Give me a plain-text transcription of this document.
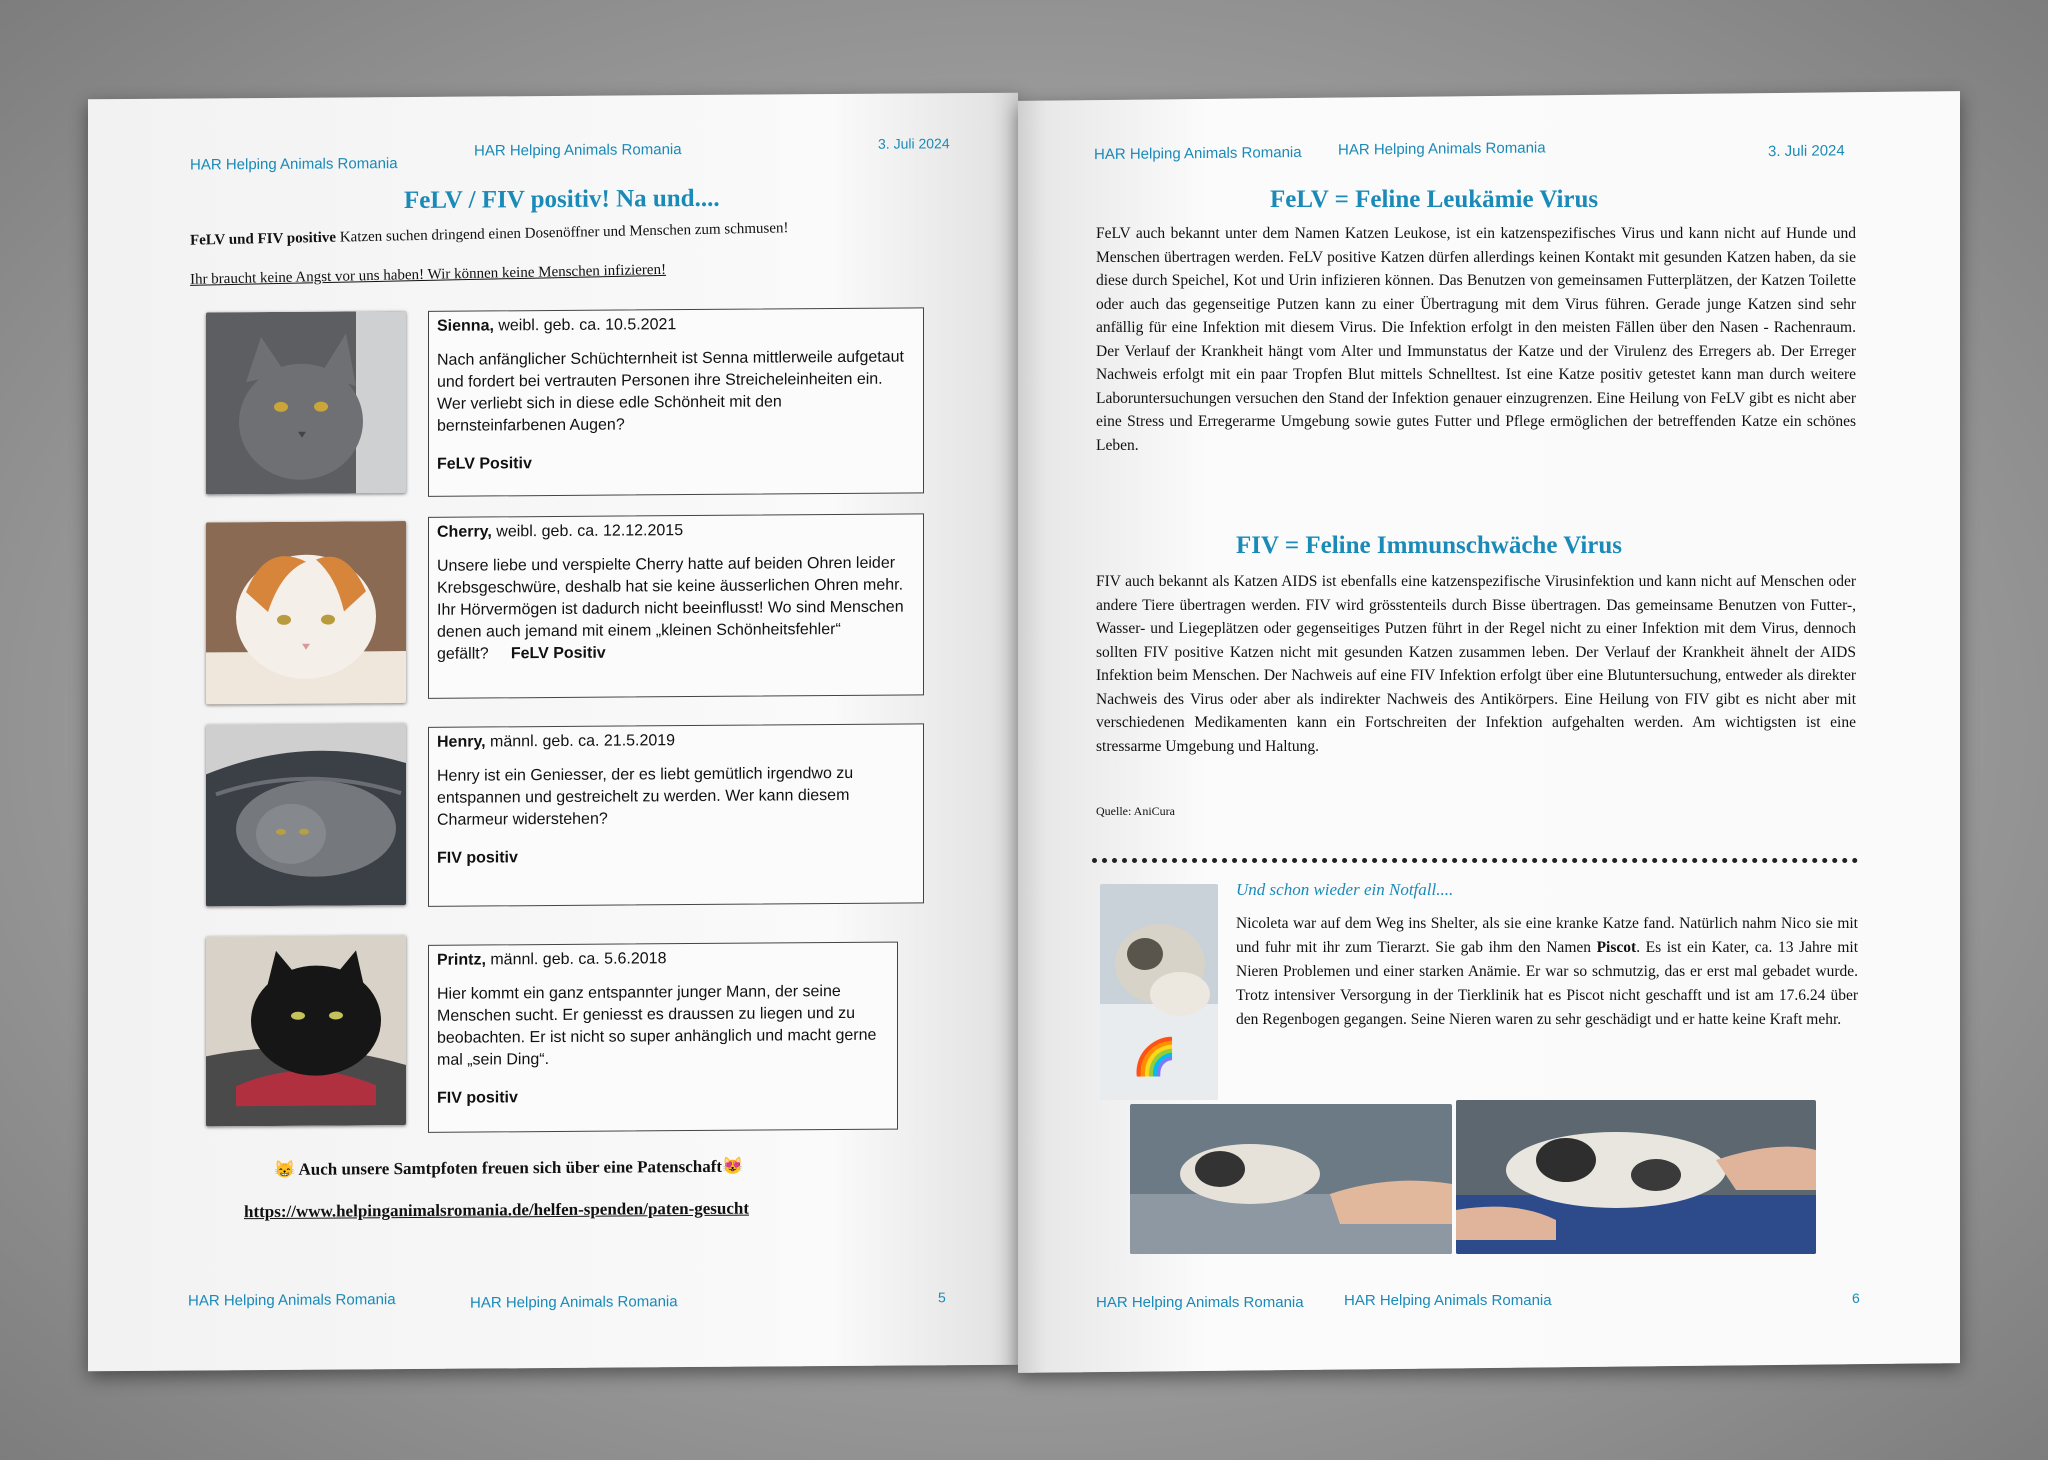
HAR Helping Animals Romania
HAR Helping Animals Romania	3. Juli 2024
FeLV / FIV positiv! Na und....
FeLV und FIV positive Katzen suchen dringend einen Dosenöffner und Menschen zum schmusen!
Ihr braucht keine Angst vor uns haben! Wir können keine Menschen infizieren!
Sienna, weibl. geb. ca. 10.5.2021

Nach anfänglicher Schüchternheit ist Senna mittlerweile aufgetaut und fordert bei vertrauten Personen ihre Streicheleinheiten ein. Wer verliebt sich in diese edle Schönheit mit den bernsteinfarbenen Augen?

FeLV Positiv
Cherry, weibl. geb. ca. 12.12.2015

Unsere liebe und verspielte Cherry hatte auf beiden Ohren leider Krebsgeschwüre, deshalb hat sie keine äusserlichen Ohren mehr. Ihr Hörvermögen ist dadurch nicht beeinflusst! Wo sind Menschen denen auch jemand mit einem „kleinen Schönheitsfehler“ gefällt? FeLV Positiv

Henry, männl. geb. ca. 21.5.2019

Henry ist ein Geniesser, der es liebt gemütlich irgendwo zu entspannen und gestreichelt zu werden. Wer kann diesem Charmeur widerstehen?

FIV positiv
Printz, männl. geb. ca. 5.6.2018

Hier kommt ein ganz entspannter junger Mann, der seine Menschen sucht. Er geniesst es draussen zu liegen und zu beobachten. Er ist nicht so super anhänglich und macht gerne mal „sein Ding“.

FIV positiv
😸 Auch unsere Samtpfoten freuen sich über eine Patenschaft😻
https://www.helpinganimalsromania.de/helfen-spenden/paten-gesucht
HAR Helping Animals Romania	HAR Helping Animals Romania	5
HAR Helping Animals Romania HAR Helping Animals Romania	3. Juli 2024
FeLV = Feline Leukämie Virus
FeLV auch bekannt unter dem Namen Katzen Leukose, ist ein katzenspezifisches Virus und kann nicht auf Hunde und Menschen übertragen werden. FeLV positive Katzen dürfen allerdings keinen Kontakt mit gesunden Katzen haben, da sie diese durch Speichel, Kot und Urin infizieren können. Das Benutzen von gemeinsamen Futterplätzen, der Katzen Toilette oder auch das gegenseitige Putzen kann zu einer Übertragung mit dem Virus führen. Gerade junge Katzen sind sehr anfällig für eine Infektion mit diesem Virus. Die Infektion erfolgt in den meisten Fällen über den Nasen - Rachenraum. Der Verlauf der Krankheit hängt vom Alter und Immunstatus der Katze und der Virulenz des Erregers ab. Der Erreger Nachweis erfolgt mit ein paar Tropfen Blut mittels Schnelltest. Ist eine Katze positiv getestet kann man durch weitere Laboruntersuchungen versuchen den Stand der Infektion genauer einzugrenzen. Eine Heilung von FeLV gibt es nicht aber eine Stress und Erregerarme Umgebung sowie gutes Futter und Pflege ermöglichen der betreffenden Katze ein schönes Leben.
FIV = Feline Immunschwäche Virus
FIV auch bekannt als Katzen AIDS ist ebenfalls eine katzenspezifische Virusinfektion und kann nicht auf Menschen oder andere Tiere übertragen werden. FIV wird grösstenteils durch Bisse übertragen. Das gemeinsame Benutzen von Futter-, Wasser- und Liegeplätzen oder gegenseitiges Putzen führt in der Regel nicht zu einer Infektion mit dem Virus, dennoch sollten FIV positive Katzen nicht mit gesunden Katzen zusammen leben. Der Verlauf der Krankheit ähnelt der AIDS Infektion beim Menschen. Der Nachweis auf eine FIV Infektion erfolgt über eine Blutuntersuchung, entweder als direkter Nachweis des Virus oder aber als indirekter Nachweis des Antikörpers. Eine Heilung von FIV gibt es nicht aber mit verschiedenen Medikamenten kann ein Fortschreiten der Infektion aufgehalten werden. Am wichtigsten ist eine stressarme Umgebung und Haltung.
Quelle: AniCura
🌈
Und schon wieder ein Notfall....
Nicoleta war auf dem Weg ins Shelter, als sie eine kranke Katze fand. Natürlich nahm Nico sie mit und fuhr mit ihr zum Tierarzt. Sie gab ihm den Namen Piscot. Es ist ein Kater, ca. 13 Jahre mit Nieren Problemen und einer starken Anämie. Er war so schmutzig, das er erst mal gebadet wurde. Trotz intensiver Versorgung in der Tierklinik hat es Piscot nicht geschafft und ist am 17.6.24 über den Regenbogen gegangen. Seine Nieren waren zu sehr geschädigt und er hatte keine Kraft mehr.
HAR Helping Animals Romania	HAR Helping Animals Romania	6
